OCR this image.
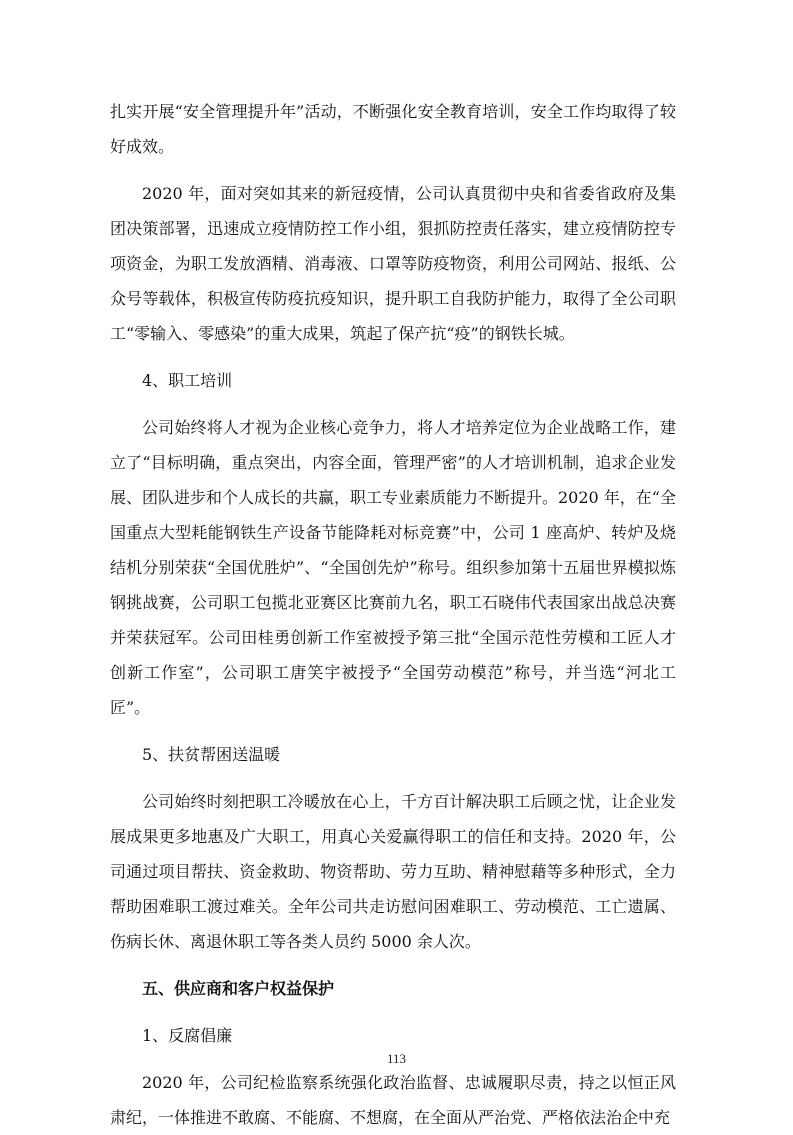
扎实开展“安全管理提升年”活动，不断强化安全教育培训，安全工作均取得了较好成效。

2020 年，面对突如其来的新冠疫情，公司认真贯彻中央和省委省政府及集团决策部署，迅速成立疫情防控工作小组，狠抓防控责任落实，建立疫情防控专项资金，为职工发放酒精、消毒液、口罩等防疫物资，利用公司网站、报纸、公众号等载体，积极宣传防疫抗疫知识，提升职工自我防护能力，取得了全公司职工“零输入、零感染”的重大成果，筑起了保产抗“疫”的钢铁长城。

4、职工培训

公司始终将人才视为企业核心竞争力，将人才培养定位为企业战略工作，建立了“目标明确，重点突出，内容全面，管理严密”的人才培训机制，追求企业发展、团队进步和个人成长的共赢，职工专业素质能力不断提升。2020 年，在“全国重点大型耗能钢铁生产设备节能降耗对标竞赛”中，公司 1 座高炉、转炉及烧结机分别荣获“全国优胜炉”、“全国创先炉”称号。组织参加第十五届世界模拟炼钢挑战赛，公司职工包揽北亚赛区比赛前九名，职工石晓伟代表国家出战总决赛并荣获冠军。公司田桂勇创新工作室被授予第三批“全国示范性劳模和工匠人才创新工作室”，公司职工唐笑宇被授予“全国劳动模范”称号，并当选“河北工匠”。

5、扶贫帮困送温暖

公司始终时刻把职工冷暖放在心上，千方百计解决职工后顾之忧，让企业发展成果更多地惠及广大职工，用真心关爱赢得职工的信任和支持。2020 年，公司通过项目帮扶、资金救助、物资帮助、劳力互助、精神慰藉等多种形式，全力帮助困难职工渡过难关。全年公司共走访慰问困难职工、劳动模范、工亡遗属、伤病长休、离退休职工等各类人员约 5000 余人次。

五、供应商和客户权益保护

1、反腐倡廉

2020 年，公司纪检监察系统强化政治监督、忠诚履职尽责，持之以恒正风肃纪，一体推进不敢腐、不能腐、不想腐，在全面从严治党、严格依法治企中充

113
